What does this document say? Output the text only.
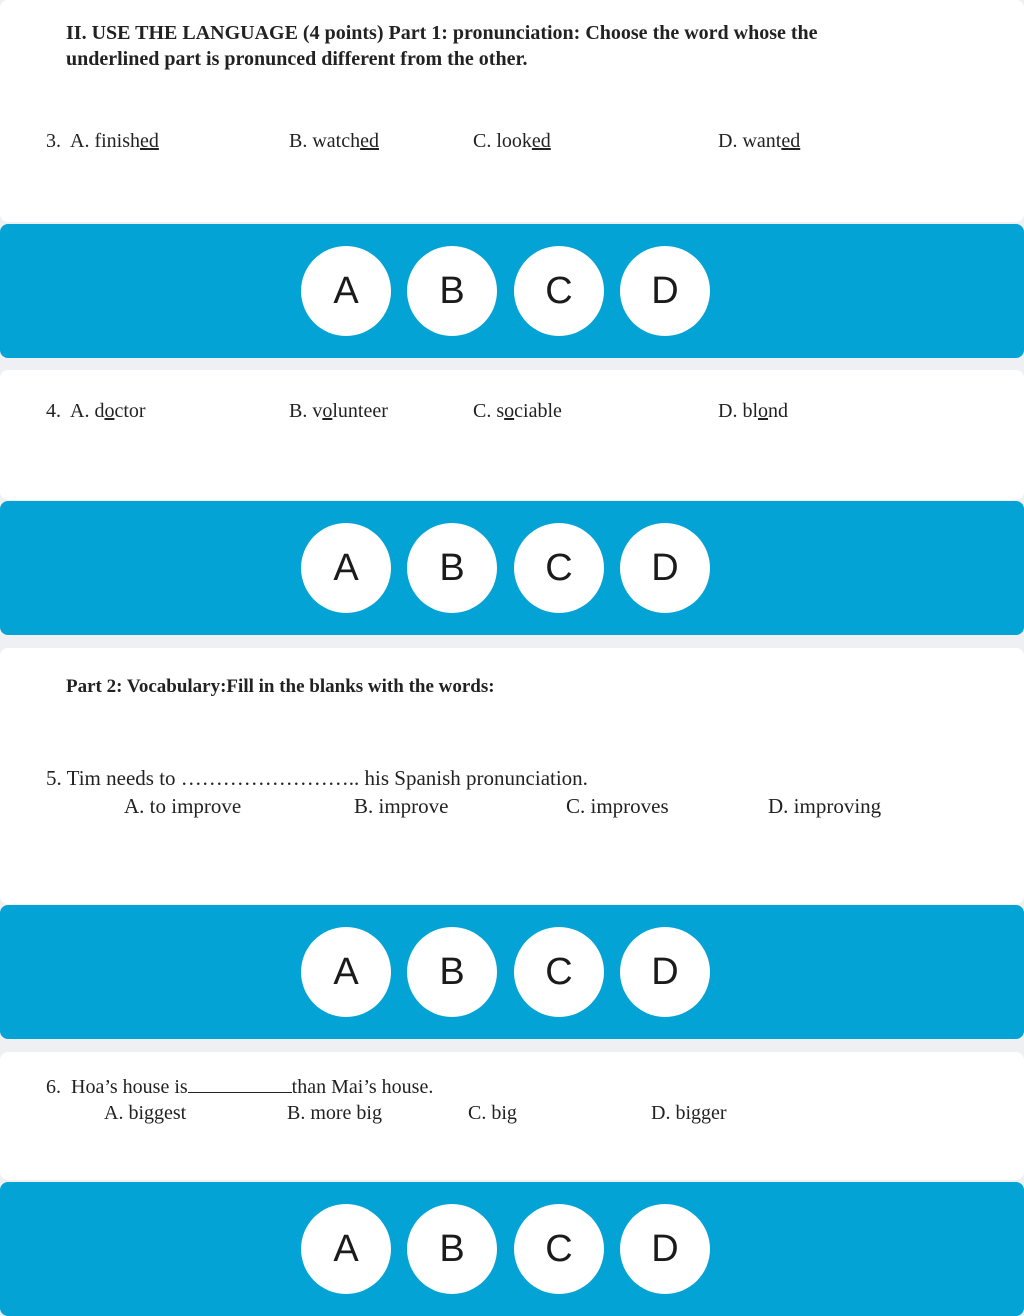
II. USE THE LANGUAGE (4 points) Part 1: pronunciation: Choose the word whose the
underlined part is pronunced different from the other.
3. A. finished	B. watched	C. looked	D. wanted
A	B	C	D
4. A. doctor	B. volunteer	C. sociable	D. blond
A	B	C	D
Part 2: Vocabulary:Fill in the blanks with the words:
5. Tim needs to …………………….. his Spanish pronunciation.
A. to improve	B. improve	C. improves	D. improving
A	B	C	D
6. Hoa’s house is	than Mai’s house.
A. biggest	B. more big	C. big	D. bigger
A	B	C	D
